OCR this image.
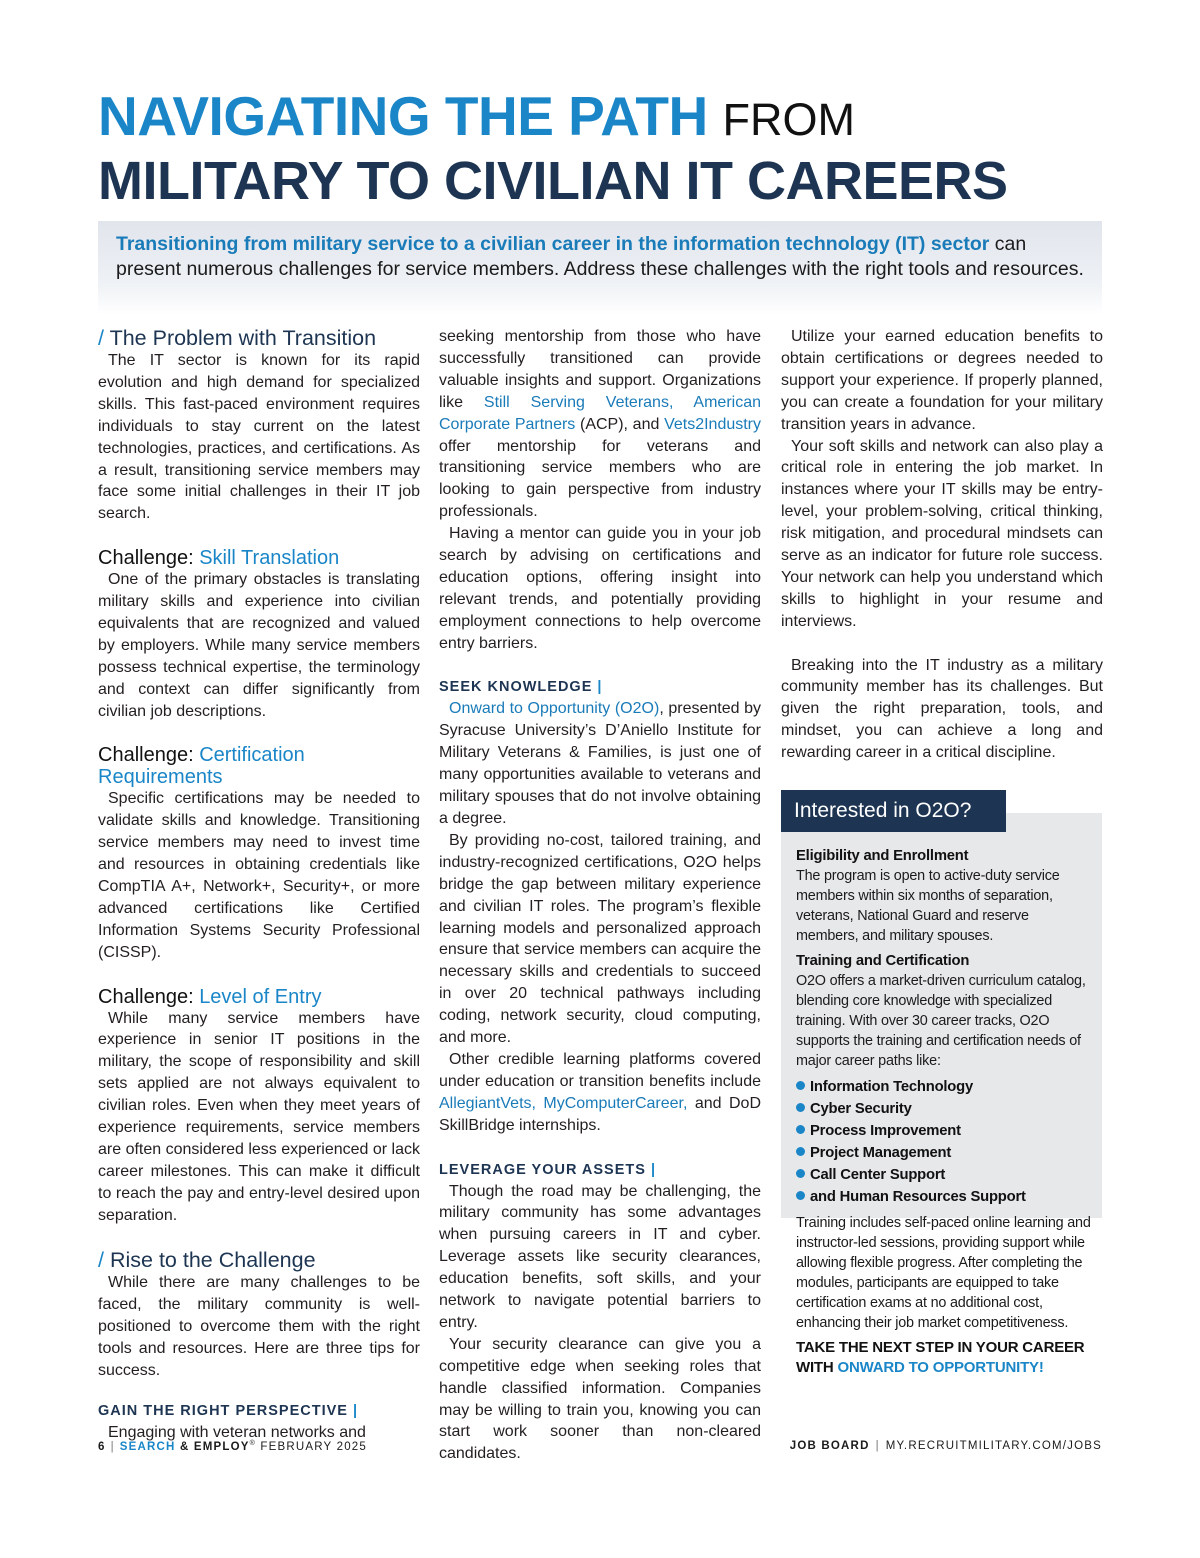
NAVIGATING THE PATH FROM
MILITARY TO CIVILIAN IT CAREERS
Transitioning from military service to a civilian career in the information technology (IT) sector can present numerous challenges for service members. Address these challenges with the right tools and resources.
/ The Problem with Transition

The IT sector is known for its rapid evolution and high demand for specialized skills. This fast-paced environment requires individuals to stay current on the latest technologies, practices, and certifications. As a result, transitioning service members may face some initial challenges in their IT job search.

Challenge: Skill Translation

One of the primary obstacles is translating military skills and experience into civilian equivalents that are recognized and valued by employers. While many service members possess technical expertise, the terminology and context can differ significantly from civilian job descriptions.

Challenge: Certification Requirements

Specific certifications may be needed to validate skills and knowledge. Transitioning service members may need to invest time and resources in obtaining credentials like CompTIA A+, Network+, Security+, or more advanced certifications like Certified Information Systems Security Professional (CISSP).

Challenge: Level of Entry

While many service members have experience in senior IT positions in the military, the scope of responsibility and skill sets applied are not always equivalent to civilian roles. Even when they meet years of experience requirements, service members are often considered less experienced or lack career milestones. This can make it difficult to reach the pay and entry-level desired upon separation.

/ Rise to the Challenge

While there are many challenges to be faced, the military community is well-positioned to overcome them with the right tools and resources. Here are three tips for success.

GAIN THE RIGHT PERSPECTIVE |

Engaging with veteran networks and

seeking mentorship from those who have successfully transitioned can provide valuable insights and support. Organizations like Still Serving Veterans, American Corporate Partners (ACP), and Vets2Industry offer mentorship for veterans and transitioning service members who are looking to gain perspective from industry professionals.

Having a mentor can guide you in your job search by advising on certifications and education options, offering insight into relevant trends, and potentially providing employment connections to help overcome entry barriers.

SEEK KNOWLEDGE |

Onward to Opportunity (O2O), presented by Syracuse University’s D’Aniello Institute for Military Veterans & Families, is just one of many opportunities available to veterans and military spouses that do not involve obtaining a degree.

By providing no-cost, tailored training, and industry-recognized certifications, O2O helps bridge the gap between military experience and civilian IT roles. The program’s flexible learning models and personalized approach ensure that service members can acquire the necessary skills and credentials to succeed in over 20 technical pathways including coding, network security, cloud computing, and more.

Other credible learning platforms covered under education or transition benefits include AllegiantVets, MyComputerCareer, and DoD SkillBridge internships.

LEVERAGE YOUR ASSETS |

Though the road may be challenging, the military community has some advantages when pursuing careers in IT and cyber. Leverage assets like security clearances, education benefits, soft skills, and your network to navigate potential barriers to entry.

Your security clearance can give you a competitive edge when seeking roles that handle classified information. Companies may be willing to train you, knowing you can start work sooner than non-cleared candidates.

Utilize your earned education benefits to obtain certifications or degrees needed to support your experience. If properly planned, you can create a foundation for your military transition years in advance.

Your soft skills and network can also play a critical role in entering the job market. In instances where your IT skills may be entry-level, your problem-solving, critical thinking, risk mitigation, and procedural mindsets can serve as an indicator for future role success. Your network can help you understand which skills to highlight in your resume and interviews.

Breaking into the IT industry as a military community member has its challenges. But given the right preparation, tools, and mindset, you can achieve a long and rewarding career in a critical discipline.

Interested in O2O?
Eligibility and Enrollment

The program is open to active-duty service members within six months of separation, veterans, National Guard and reserve members, and military spouses.

Training and Certification

O2O offers a market-driven curriculum catalog, blending core knowledge with specialized training. With over 30 career tracks, O2O supports the training and certification needs of major career paths like:

Information Technology
Cyber Security
Process Improvement
Project Management
Call Center Support
and Human Resources Support

Training includes self-paced online learning and instructor-led sessions, providing support while allowing flexible progress. After completing the modules, participants are equipped to take certification exams at no additional cost, enhancing their job market competitiveness.

TAKE THE NEXT STEP IN YOUR CAREER WITH ONWARD TO OPPORTUNITY!

6 | SEARCH & EMPLOY® FEBRUARY 2025	JOB BOARD | MY.RECRUITMILITARY.COM/JOBS
